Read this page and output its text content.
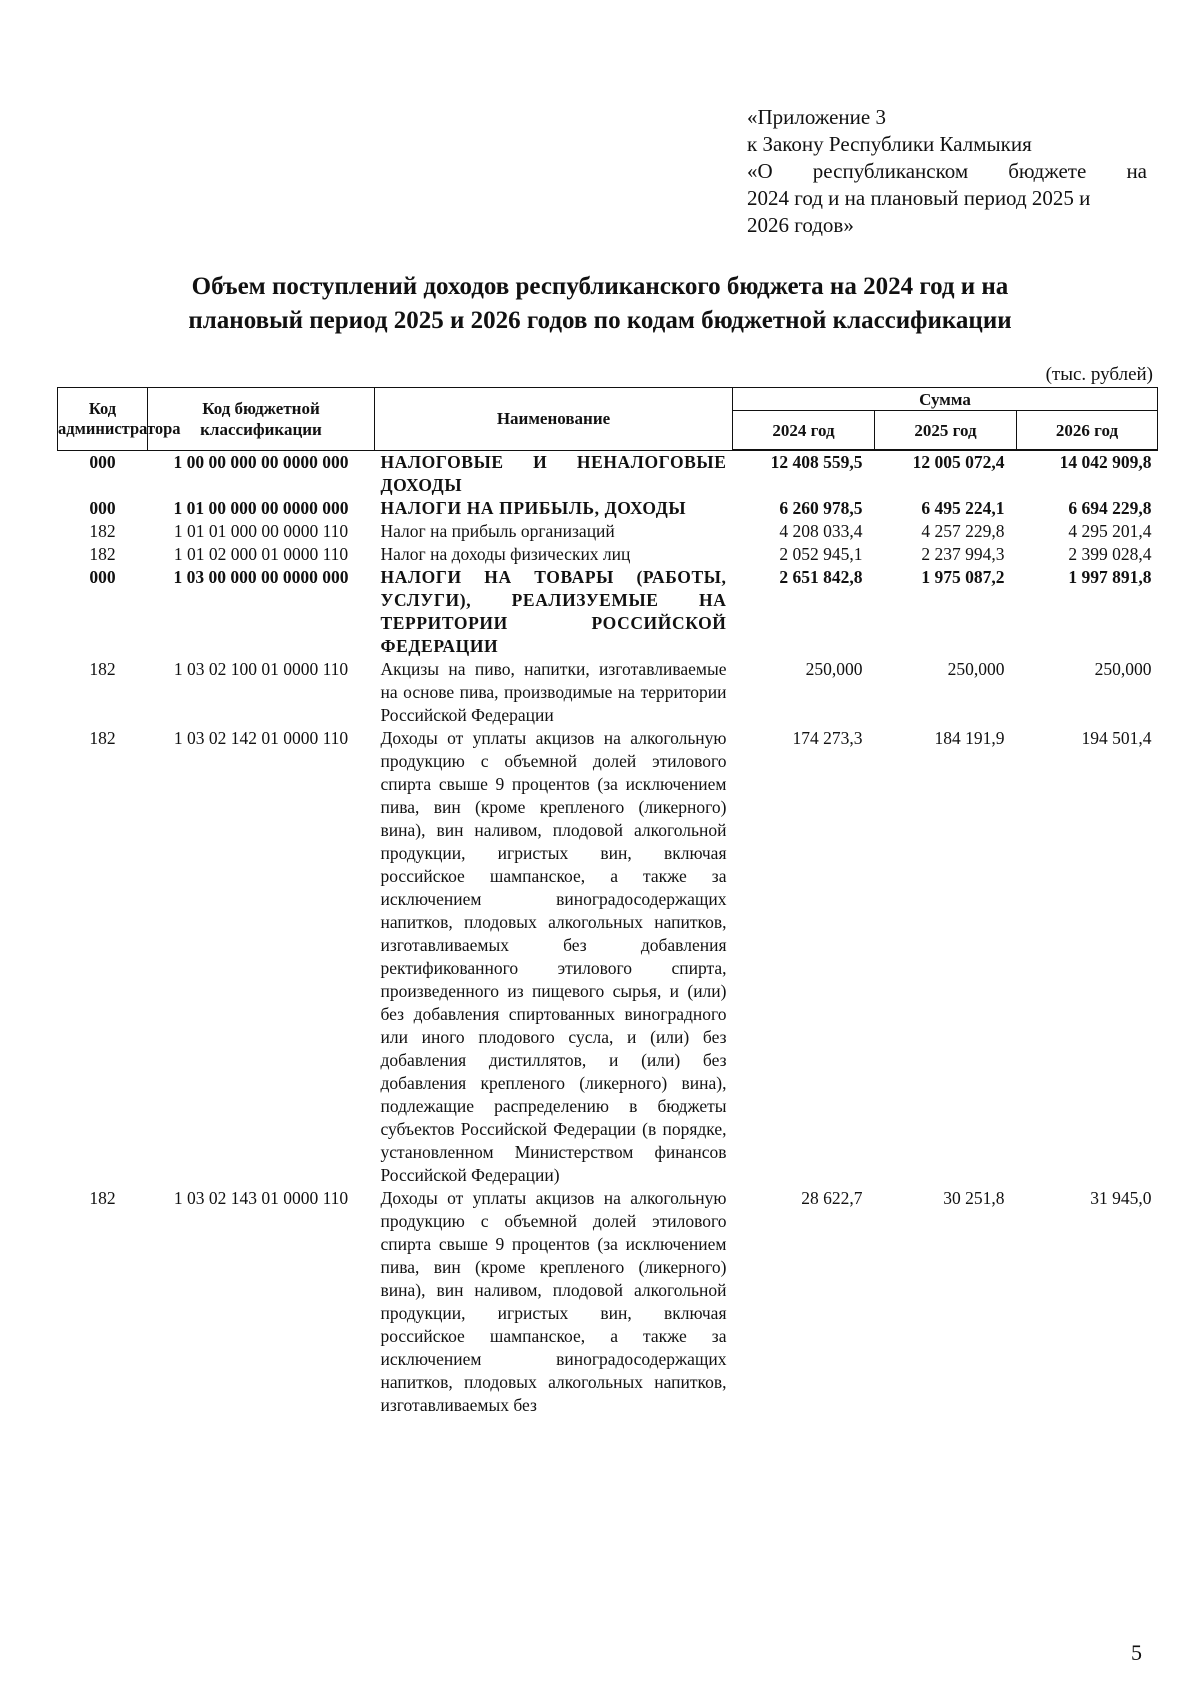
«Приложение 3
к Закону Республики Калмыкия
«О республиканском бюджете на
2024 год и на плановый период 2025 и
2026 годов»
Объем поступлений доходов республиканского бюджета на 2024 год и на
плановый период 2025 и 2026 годов по кодам бюджетной классификации
(тыс. рублей)
Код администратора	Код бюджетной классификации	Наименование	Сумма		
			2024 год	2025 год	2026 год
000	1 00 00 000 00 0000 000	НАЛОГОВЫЕ И НЕНАЛОГОВЫЕ ДОХОДЫ	12 408 559,5	12 005 072,4	14 042 909,8
000	1 01 00 000 00 0000 000	НАЛОГИ НА ПРИБЫЛЬ, ДОХОДЫ	6 260 978,5	6 495 224,1	6 694 229,8
182	1 01 01 000 00 0000 110	Налог на прибыль организаций	4 208 033,4	4 257 229,8	4 295 201,4
182	1 01 02 000 01 0000 110	Налог на доходы физических лиц	2 052 945,1	2 237 994,3	2 399 028,4
000	1 03 00 000 00 0000 000	НАЛОГИ НА ТОВАРЫ (РАБОТЫ, УСЛУГИ), РЕАЛИЗУЕМЫЕ НА ТЕРРИТОРИИ РОССИЙСКОЙ ФЕДЕРАЦИИ	2 651 842,8	1 975 087,2	1 997 891,8
182	1 03 02 100 01 0000 110	Акцизы на пиво, напитки, изготавливаемые на основе пива, производимые на территории Российской Федерации	250,000	250,000	250,000
182	1 03 02 142 01 0000 110	Доходы от уплаты акцизов на алкогольную продукцию с объемной долей этилового спирта свыше 9 процентов (за исключением пива, вин (кроме крепленого (ликерного) вина), вин наливом, плодовой алкогольной продукции, игристых вин, включая российское шампанское, а также за исключением виноградосодержащих напитков, плодовых алкогольных напитков, изготавливаемых без добавления ректификованного этилового спирта, произведенного из пищевого сырья, и (или) без добавления спиртованных виноградного или иного плодового сусла, и (или) без добавления дистиллятов, и (или) без добавления крепленого (ликерного) вина), подлежащие распределению в бюджеты субъектов Российской Федерации (в порядке, установленном Министерством финансов Российской Федерации)	174 273,3	184 191,9	194 501,4
182	1 03 02 143 01 0000 110	Доходы от уплаты акцизов на алкогольную продукцию с объемной долей этилового спирта свыше 9 процентов (за исключением пива, вин (кроме крепленого (ликерного) вина), вин наливом, плодовой алкогольной продукции, игристых вин, включая российское шампанское, а также за исключением виноградосодержащих напитков, плодовых алкогольных напитков, изготавливаемых без	28 622,7	30 251,8	31 945,0
5
